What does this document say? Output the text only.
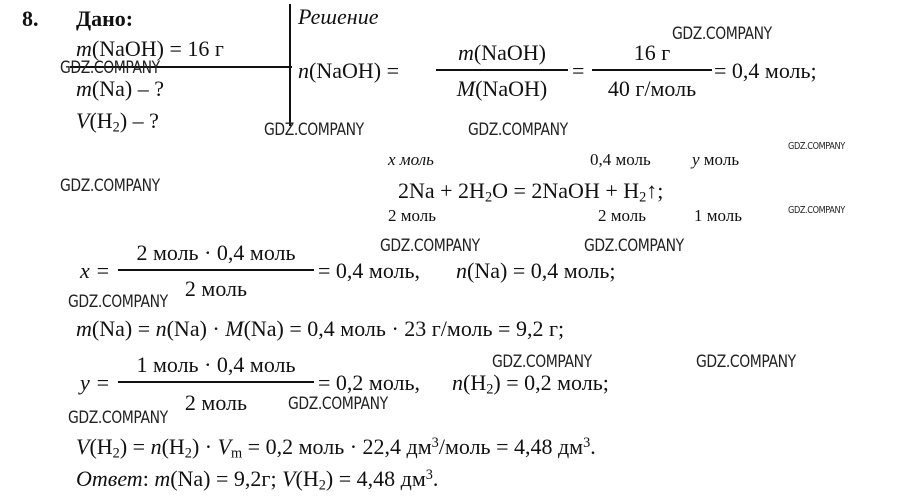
8. Дано:
m(NaOH) = 16 г
m(Na) – ?
$V(H_2)$ – ?
Решение
n(NaOH) =
m(NaOH)
M(NaOH)
=
16 г
40 г/моль
= 0,4 моль;
x моль	0,4 моль y моль
$2Na + 2H_2O$ = 2NaOH + $H_2↑$;
2 моль	2 моль	1 моль
x =
2 моль · 0,4 моль
2 моль
= 0,4 моль, n(Na) = 0,4 моль;
m(Na) = n(Na) · M(Na) = 0,4 моль · 23 г/моль = 9,2 г;
y =
1 моль · 0,4 моль
2 моль
= 0,2 моль, $n(H_2) = 0,2$ моль;
$V(H_2) = n(H_2) \cdot V_m = 0,2$ моль · 22,4 $дм^3$/моль = 4,48 $дм^3$.
Ответ: m(Na) = 9,2г; $V(H_2) = 4,48$ $дм^3$.
GDZ.COMPANY
GDZ.COMPANY
GDZ.COMPANY	GDZ.COMPANY
GDZ.COMPANY
GDZ.COMPANY
GDZ.COMPANY
GDZ.COMPANY	GDZ.COMPANY
GDZ.COMPANY
GDZ.COMPANY	GDZ.COMPANY
GDZ.COMPANY
GDZ.COMPANY
